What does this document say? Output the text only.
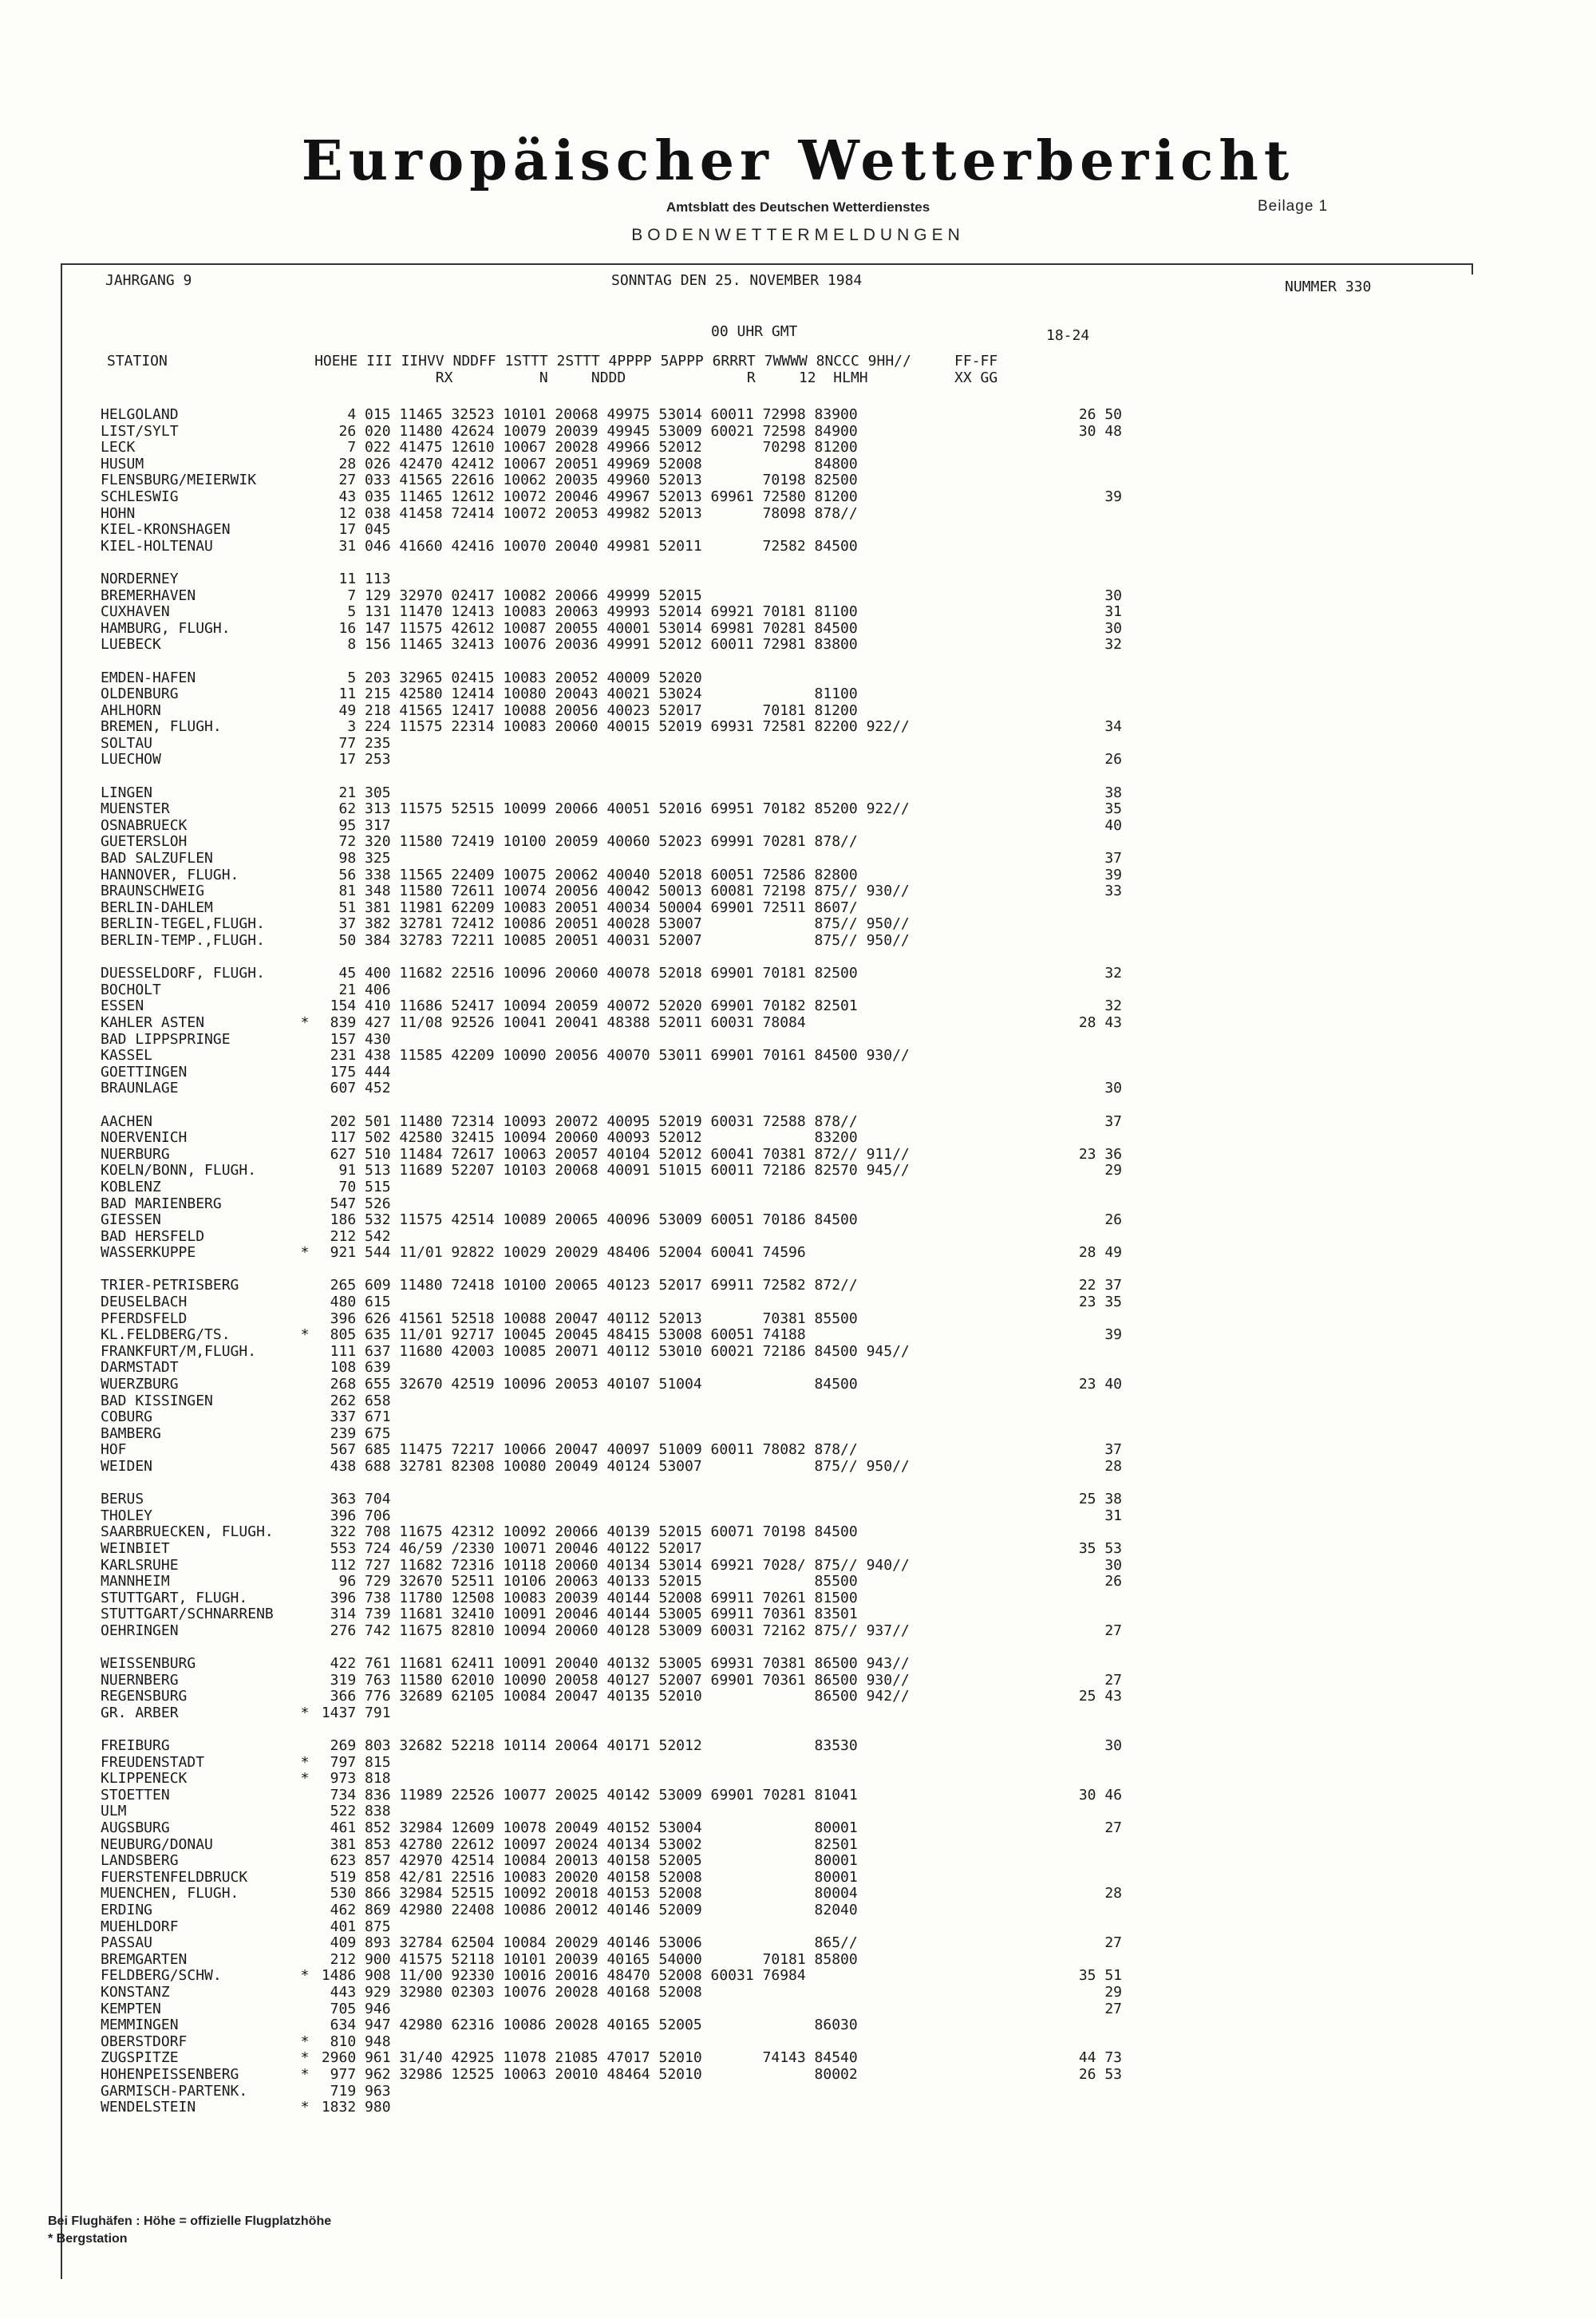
Europäischer Wetterbericht
Amtsblatt des Deutschen Wetterdienstes	Beilage 1
BODENWETTERMELDUNGEN
JAHRGANG 9	SONNTAG DEN 25. NOVEMBER 1984	NUMMER 330
00 UHR GMT	18-24
STATION                 HOEHE III IIHVV NDDFF 1STTT 2STTT 4PPPP 5APPP 6RRRT 7WWWW 8NCCC 9HH//     FF-FF
RX          N     NDDD              R     12  HLMH          XX GG
HELGOLAND	4 015 11465 32523 10101 20068 49975 53014 60011 72998 83900	26 50
LIST/SYLT	26 020 11480 42624 10079 20039 49945 53009 60021 72598 84900	30 48
LECK	7 022 41475 12610 10067 20028 49966 52012       70298 81200
HUSUM	28 026 42470 42412 10067 20051 49969 52008             84800
FLENSBURG/MEIERWIK	27 033 41565 22616 10062 20035 49960 52013       70198 82500
SCHLESWIG	43 035 11465 12612 10072 20046 49967 52013 69961 72580 81200	39
HOHN	12 038 41458 72414 10072 20053 49982 52013       78098 878//
KIEL-KRONSHAGEN	17 045
KIEL-HOLTENAU	31 046 41660 42416 10070 20040 49981 52011       72582 84500
NORDERNEY	11 113
BREMERHAVEN	7 129 32970 02417 10082 20066 49999 52015	30
CUXHAVEN	5 131 11470 12413 10083 20063 49993 52014 69921 70181 81100	31
HAMBURG, FLUGH.	16 147 11575 42612 10087 20055 40001 53014 69981 70281 84500	30
LUEBECK	8 156 11465 32413 10076 20036 49991 52012 60011 72981 83800	32
EMDEN-HAFEN	5 203 32965 02415 10083 20052 40009 52020
OLDENBURG	11 215 42580 12414 10080 20043 40021 53024             81100
AHLHORN	49 218 41565 12417 10088 20056 40023 52017       70181 81200
BREMEN, FLUGH.	3 224 11575 22314 10083 20060 40015 52019 69931 72581 82200 922//	34
SOLTAU	77 235
LUECHOW	17 253	26
LINGEN	21 305	38
MUENSTER	62 313 11575 52515 10099 20066 40051 52016 69951 70182 85200 922//	35
OSNABRUECK	95 317	40
GUETERSLOH	72 320 11580 72419 10100 20059 40060 52023 69991 70281 878//
BAD SALZUFLEN	98 325	37
HANNOVER, FLUGH.	56 338 11565 22409 10075 20062 40040 52018 60051 72586 82800	39
BRAUNSCHWEIG	81 348 11580 72611 10074 20056 40042 50013 60081 72198 875// 930//	33
BERLIN-DAHLEM	51 381 11981 62209 10083 20051 40034 50004 69901 72511 8607/
BERLIN-TEGEL,FLUGH.	37 382 32781 72412 10086 20051 40028 53007             875// 950//
BERLIN-TEMP.,FLUGH.	50 384 32783 72211 10085 20051 40031 52007             875// 950//
DUESSELDORF, FLUGH.	45 400 11682 22516 10096 20060 40078 52018 69901 70181 82500	32
BOCHOLT	21 406
ESSEN	154 410 11686 52417 10094 20059 40072 52020 69901 70182 82501	32
KAHLER ASTEN	*  839 427 11/08 92526 10041 20041 48388 52011 60031 78084	28 43
BAD LIPPSPRINGE	157 430
KASSEL	231 438 11585 42209 10090 20056 40070 53011 69901 70161 84500 930//
GOETTINGEN	175 444
BRAUNLAGE	607 452	30
AACHEN	202 501 11480 72314 10093 20072 40095 52019 60031 72588 878//	37
NOERVENICH	117 502 42580 32415 10094 20060 40093 52012             83200
NUERBURG	627 510 11484 72617 10063 20057 40104 52012 60041 70381 872// 911//	23 36
KOELN/BONN, FLUGH.	91 513 11689 52207 10103 20068 40091 51015 60011 72186 82570 945//	29
KOBLENZ	70 515
BAD MARIENBERG	547 526
GIESSEN	186 532 11575 42514 10089 20065 40096 53009 60051 70186 84500	26
BAD HERSFELD	212 542
WASSERKUPPE	*  921 544 11/01 92822 10029 20029 48406 52004 60041 74596	28 49
TRIER-PETRISBERG	265 609 11480 72418 10100 20065 40123 52017 69911 72582 872//	22 37
DEUSELBACH	480 615	23 35
PFERDSFELD	396 626 41561 52518 10088 20047 40112 52013       70381 85500
KL.FELDBERG/TS.	*  805 635 11/01 92717 10045 20045 48415 53008 60051 74188	39
FRANKFURT/M,FLUGH.	111 637 11680 42003 10085 20071 40112 53010 60021 72186 84500 945//
DARMSTADT	108 639
WUERZBURG	268 655 32670 42519 10096 20053 40107 51004             84500	23 40
BAD KISSINGEN	262 658
COBURG	337 671
BAMBERG	239 675
HOF	567 685 11475 72217 10066 20047 40097 51009 60011 78082 878//	37
WEIDEN	438 688 32781 82308 10080 20049 40124 53007             875// 950//	28
BERUS	363 704	25 38
THOLEY	396 706	31
SAARBRUECKEN, FLUGH.	322 708 11675 42312 10092 20066 40139 52015 60071 70198 84500
WEINBIET	553 724 46/59 /2330 10071 20046 40122 52017	35 53
KARLSRUHE	112 727 11682 72316 10118 20060 40134 53014 69921 7028/ 875// 940//	30
MANNHEIM	96 729 32670 52511 10106 20063 40133 52015             85500	26
STUTTGART, FLUGH.	396 738 11780 12508 10083 20039 40144 52008 69911 70261 81500
STUTTGART/SCHNARRENB	314 739 11681 32410 10091 20046 40144 53005 69911 70361 83501
OEHRINGEN	276 742 11675 82810 10094 20060 40128 53009 60031 72162 875// 937//	27
WEISSENBURG	422 761 11681 62411 10091 20040 40132 53005 69931 70381 86500 943//
NUERNBERG	319 763 11580 62010 10090 20058 40127 52007 69901 70361 86500 930//	27
REGENSBURG	366 776 32689 62105 10084 20047 40135 52010             86500 942//	25 43
GR. ARBER	* 1437 791
FREIBURG	269 803 32682 52218 10114 20064 40171 52012             83530	30
FREUDENSTADT	*  797 815
KLIPPENECK	*  973 818
STOETTEN	734 836 11989 22526 10077 20025 40142 53009 69901 70281 81041	30 46
ULM	522 838
AUGSBURG	461 852 32984 12609 10078 20049 40152 53004             80001	27
NEUBURG/DONAU	381 853 42780 22612 10097 20024 40134 53002             82501
LANDSBERG	623 857 42970 42514 10084 20013 40158 52005             80001
FUERSTENFELDBRUCK	519 858 42/81 22516 10083 20020 40158 52008             80001
MUENCHEN, FLUGH.	530 866 32984 52515 10092 20018 40153 52008             80004	28
ERDING	462 869 42980 22408 10086 20012 40146 52009             82040
MUEHLDORF	401 875
PASSAU	409 893 32784 62504 10084 20029 40146 53006             865//	27
BREMGARTEN	212 900 41575 52118 10101 20039 40165 54000       70181 85800
FELDBERG/SCHW.	* 1486 908 11/00 92330 10016 20016 48470 52008 60031 76984	35 51
KONSTANZ	443 929 32980 02303 10076 20028 40168 52008	29
KEMPTEN	705 946	27
MEMMINGEN	634 947 42980 62316 10086 20028 40165 52005             86030
OBERSTDORF	*  810 948
ZUGSPITZE	* 2960 961 31/40 42925 11078 21085 47017 52010       74143 84540	44 73
HOHENPEISSENBERG	*  977 962 32986 12525 10063 20010 48464 52010             80002	26 53
GARMISCH-PARTENK.	719 963
WENDELSTEIN	* 1832 980
Bei Flughäfen : Höhe = offizielle Flugplatzhöhe
* Bergstation
